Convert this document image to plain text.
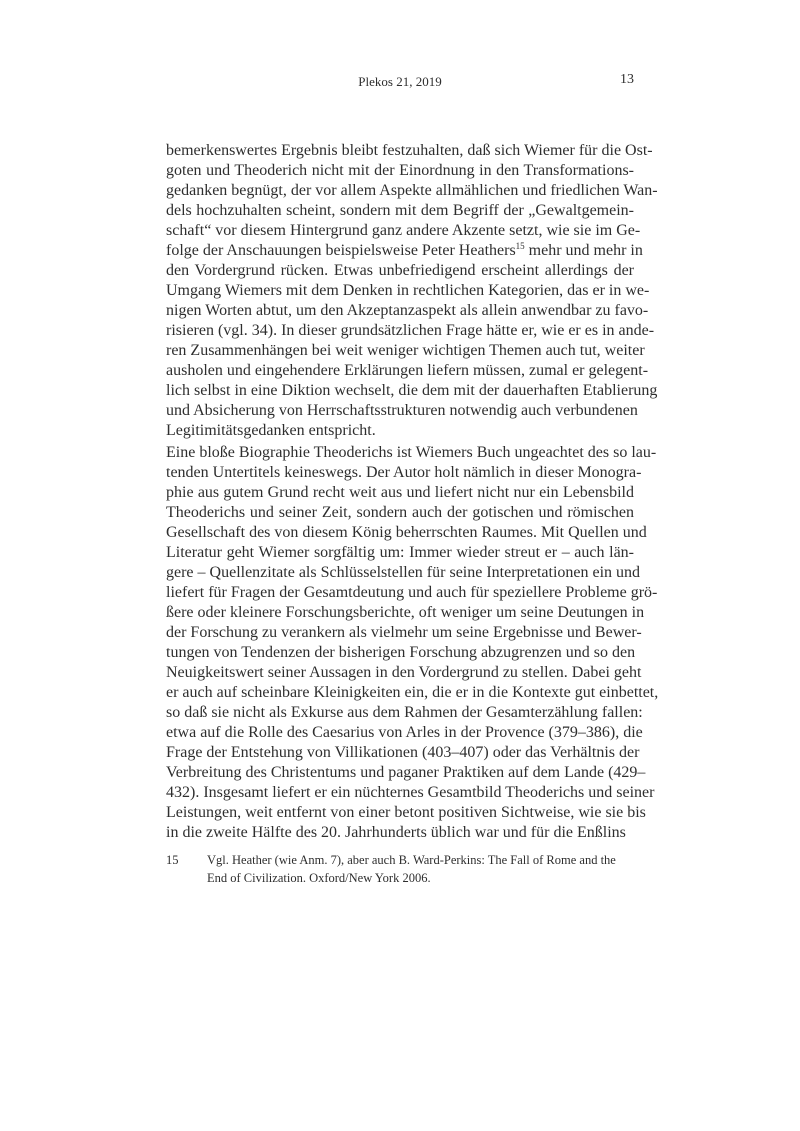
Plekos 21, 2019	13
bemerkenswertes Ergebnis bleibt festzuhalten, daß sich Wiemer für die Ost-
goten und Theoderich nicht mit der Einordnung in den Transformations-
gedanken begnügt, der vor allem Aspekte allmählichen und friedlichen Wan-
dels hochzuhalten scheint, sondern mit dem Begriff der „Gewaltgemein-
schaft“ vor diesem Hintergrund ganz andere Akzente setzt, wie sie im Ge-
folge der Anschauungen beispielsweise Peter Heathers$^{15}$ mehr und mehr in
den Vordergrund rücken. Etwas unbefriedigend erscheint allerdings der
Umgang Wiemers mit dem Denken in rechtlichen Kategorien, das er in we-
nigen Worten abtut, um den Akzeptanzaspekt als allein anwendbar zu favo-
risieren (vgl. 34). In dieser grundsätzlichen Frage hätte er, wie er es in ande-
ren Zusammenhängen bei weit weniger wichtigen Themen auch tut, weiter
ausholen und eingehendere Erklärungen liefern müssen, zumal er gelegent-
lich selbst in eine Diktion wechselt, die dem mit der dauerhaften Etablierung
und Absicherung von Herrschaftsstrukturen notwendig auch verbundenen
Legitimitätsgedanken entspricht.
Eine bloße Biographie Theoderichs ist Wiemers Buch ungeachtet des so lau-
tenden Untertitels keineswegs. Der Autor holt nämlich in dieser Monogra-
phie aus gutem Grund recht weit aus und liefert nicht nur ein Lebensbild
Theoderichs und seiner Zeit, sondern auch der gotischen und römischen
Gesellschaft des von diesem König beherrschten Raumes. Mit Quellen und
Literatur geht Wiemer sorgfältig um: Immer wieder streut er – auch län-
gere – Quellenzitate als Schlüsselstellen für seine Interpretationen ein und
liefert für Fragen der Gesamtdeutung und auch für speziellere Probleme grö-
ßere oder kleinere Forschungsberichte, oft weniger um seine Deutungen in
der Forschung zu verankern als vielmehr um seine Ergebnisse und Bewer-
tungen von Tendenzen der bisherigen Forschung abzugrenzen und so den
Neuigkeitswert seiner Aussagen in den Vordergrund zu stellen. Dabei geht
er auch auf scheinbare Kleinigkeiten ein, die er in die Kontexte gut einbettet,
so daß sie nicht als Exkurse aus dem Rahmen der Gesamterzählung fallen:
etwa auf die Rolle des Caesarius von Arles in der Provence (379–386), die
Frage der Entstehung von Villikationen (403–407) oder das Verhältnis der
Verbreitung des Christentums und paganer Praktiken auf dem Lande (429–
432). Insgesamt liefert er ein nüchternes Gesamtbild Theoderichs und seiner
Leistungen, weit entfernt von einer betont positiven Sichtweise, wie sie bis
in die zweite Hälfte des 20. Jahrhunderts üblich war und für die Enßlins
15 Vgl. Heather (wie Anm. 7), aber auch B. Ward-Perkins: The Fall of Rome and the
End of Civilization. Oxford/New York 2006.
